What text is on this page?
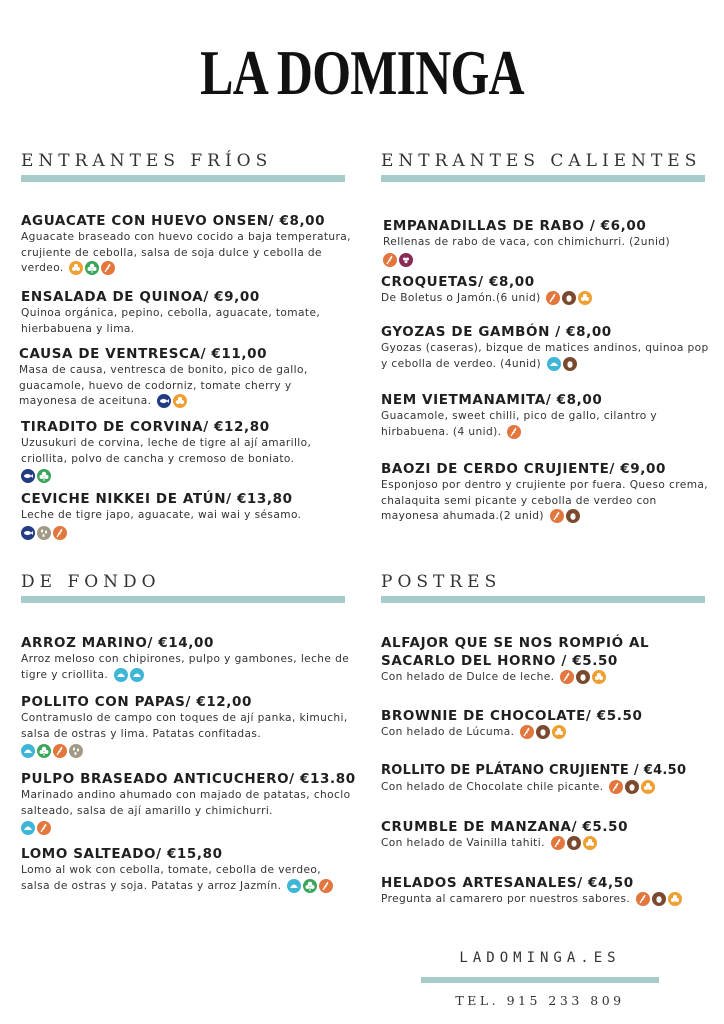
LA DOMINGA
ENTRANTES FRÍOS
AGUACATE CON HUEVO ONSEN/ €8,00
Aguacate braseado con huevo cocido a baja temperatura, crujiente de cebolla, salsa de soja dulce y cebolla de verdeo.
ENSALADA DE QUINOA/ €9,00
Quinoa orgánica, pepino, cebolla, aguacate, tomate, hierbabuena y lima.
CAUSA DE VENTRESCA/ €11,00
Masa de causa, ventresca de bonito, pico de gallo, guacamole, huevo de codorniz, tomate cherry y mayonesa de aceituna.
TIRADITO DE CORVINA/ €12,80
Uzusukuri de corvina, leche de tigre al ají amarillo, criollita, polvo de cancha y cremoso de boniato.
CEVICHE NIKKEI DE ATÚN/ €13,80
Leche de tigre japo, aguacate, wai wai y sésamo.
ENTRANTES CALIENTES
EMPANADILLAS DE RABO / €6,00
Rellenas de rabo de vaca, con chimichurri. (2unid)
CROQUETAS/ €8,00
De Boletus o Jamón.(6 unid)
GYOZAS DE GAMBÓN / €8,00
Gyozas (caseras), bizque de matices andinos, quinoa pop y cebolla de verdeo. (4unid)
NEM VIETMANAMITA/ €8,00
Guacamole, sweet chilli, pico de gallo, cilantro y hirbabuena. (4 unid).
BAOZI DE CERDO CRUJIENTE/ €9,00
Esponjoso por dentro y crujiente por fuera. Queso crema, chalaquita semi picante y cebolla de verdeo con mayonesa ahumada.(2 unid)
DE FONDO
ARROZ MARINO/ €14,00
Arroz meloso con chipirones, pulpo y gambones, leche de tigre y criollita.
POLLITO CON PAPAS/ €12,00
Contramuslo de campo con toques de ají panka, kimuchi, salsa de ostras y lima. Patatas confitadas.
PULPO BRASEADO ANTICUCHERO/ €13.80
Marinado andino ahumado con majado de patatas, choclo salteado, salsa de ají amarillo y chimichurri.
LOMO SALTEADO/ €15,80
Lomo al wok con cebolla, tomate, cebolla de verdeo, salsa de ostras y soja. Patatas y arroz Jazmín.
POSTRES
ALFAJOR QUE SE NOS ROMPIÓ AL
SACARLO DEL HORNO / €5.50
Con helado de Dulce de leche.
BROWNIE DE CHOCOLATE/ €5.50
Con helado de Lúcuma.
ROLLITO DE PLÁTANO CRUJIENTE / €4.50
Con helado de Chocolate chile picante.
CRUMBLE DE MANZANA/ €5.50
Con helado de Vainilla tahiti.
HELADOS ARTESANALES/ €4,50
Pregunta al camarero por nuestros sabores.
LADOMINGA.ES
TEL. 915 233 809
